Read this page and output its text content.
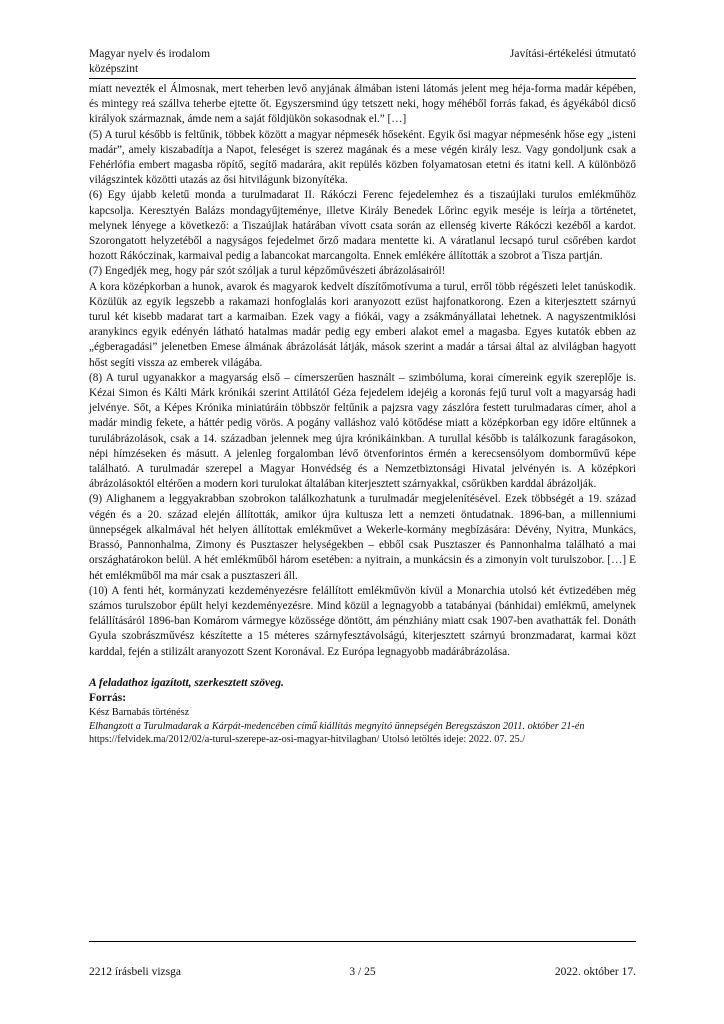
Magyar nyelv és irodalom
középszint
Javítási-értékelési útmutató

miatt nevezték el Álmosnak, mert teherben levő anyjának álmában isteni látomás jelent meg héja-forma madár képében, és mintegy reá szállva teherbe ejtette őt. Egyszersmind úgy tetszett neki, hogy méhéből forrás fakad, és ágyékából dicső királyok származnak, ámde nem a saját földjükön sokasodnak el.” […]

(5) A turul később is feltűnik, többek között a magyar népmesék hőseként. Egyik ősi magyar népmesénk hőse egy „isteni madár”, amely kiszabadítja a Napot, feleséget is szerez magának és a mese végén király lesz. Vagy gondoljunk csak a Fehérlófia embert magasba röpítő, segítő madarára, akit repülés közben folyamatosan etetni és itatni kell. A különböző világszintek közötti utazás az ősi hitvilágunk bizonyítéka.

(6) Egy újabb keletű monda a turulmadarat II. Rákóczi Ferenc fejedelemhez és a tiszaújlaki turulos emlékműhöz kapcsolja. Keresztyén Balázs mondagyűjteménye, illetve Király Benedek Lőrinc egyik meséje is leírja a történetet, melynek lényege a következő: a Tiszaújlak határában vívott csata során az ellenség kiverte Rákóczi kezéből a kardot. Szorongatott helyzetéből a nagyságos fejedelmet őrző madara mentette ki. A váratlanul lecsapó turul csőrében kardot hozott Rákóczinak, karmaival pedig a labancokat marcangolta. Ennek emlékére állították a szobrot a Tisza partján.

(7) Engedjék meg, hogy pár szót szóljak a turul képzőművészeti ábrázolásairól!

A kora középkorban a hunok, avarok és magyarok kedvelt díszítőmotívuma a turul, erről több régészeti lelet tanúskodik. Közülük az egyik legszebb a rakamazi honfoglalás kori aranyozott ezüst hajfonatkorong. Ezen a kiterjesztett szárnyú turul két kisebb madarat tart a karmaiban. Ezek vagy a fiókái, vagy a zsákmányállatai lehetnek. A nagyszentmiklósi aranykincs egyik edényén látható hatalmas madár pedig egy emberi alakot emel a magasba. Egyes kutatók ebben az „égberagadási” jelenetben Emese álmának ábrázolását látják, mások szerint a madár a társai által az alvilágban hagyott hőst segíti vissza az emberek világába.

(8) A turul ugyanakkor a magyarság első – címerszerűen használt – szimbóluma, korai címereink egyik szereplője is. Kézai Simon és Kálti Márk krónikái szerint Attilától Géza fejedelem idejéig a koronás fejű turul volt a magyarság hadi jelvénye. Sőt, a Képes Krónika miniatúráin többször feltűnik a pajzsra vagy zászlóra festett turulmadaras címer, ahol a madár mindig fekete, a háttér pedig vörös. A pogány valláshoz való kötődése miatt a középkorban egy időre eltűnnek a turulábrázolások, csak a 14. században jelennek meg újra krónikáinkban. A turullal később is találkozunk faragásokon, népi hímzéseken és másutt. A jelenleg forgalomban lévő ötvenforintos érmén a kerecsensólyom domborművű képe található. A turulmadár szerepel a Magyar Honvédség és a Nemzetbiztonsági Hivatal jelvényén is. A középkori ábrázolásoktól eltérően a modern kori turulokat általában kiterjesztett szárnyakkal, csőrükben karddal ábrázolják.

(9) Alighanem a leggyakrabban szobrokon találkozhatunk a turulmadár megjelenítésével. Ezek többségét a 19. század végén és a 20. század elején állították, amikor újra kultusza lett a nemzeti öntudatnak. 1896-ban, a millenniumi ünnepségek alkalmával hét helyen állítottak emlékművet a Wekerle-kormány megbízására: Dévény, Nyitra, Munkács, Brassó, Pannonhalma, Zimony és Pusztaszer helységekben – ebből csak Pusztaszer és Pannonhalma található a mai országhatárokon belül. A hét emlékműből három esetében: a nyitrain, a munkácsin és a zimonyin volt turulszobor. […] E hét emlékműből ma már csak a pusztaszeri áll.

(10) A fenti hét, kormányzati kezdeményezésre felállított emlékművön kívül a Monarchia utolsó két évtizedében még számos turulszobor épült helyi kezdeményezésre. Mind közül a legnagyobb a tatabányai (bánhidai) emlékmű, amelynek felállításáról 1896-ban Komárom vármegye közössége döntött, ám pénzhiány miatt csak 1907-ben avathatták fel. Donáth Gyula szobrászművész készítette a 15 méteres szárnyfesztávolságú, kiterjesztett szárnyú bronzmadarat, karmai közt karddal, fején a stilizált aranyozott Szent Koronával. Ez Európa legnagyobb madárábrázolása.

A feladathoz igazított, szerkesztett szöveg.
Forrás:
Kész Barnabás történész
Elhangzott a Turulmadarak a Kárpát-medencében című kiállítás megnyitó ünnepségén Beregszászon 2011. október 21-én
https://felvidek.ma/2012/02/a-turul-szerepe-az-osi-magyar-hitvilagban/ Utolsó letöltés ideje: 2022. 07. 25./
2212 írásbeli vizsga	3 / 25	2022. október 17.
